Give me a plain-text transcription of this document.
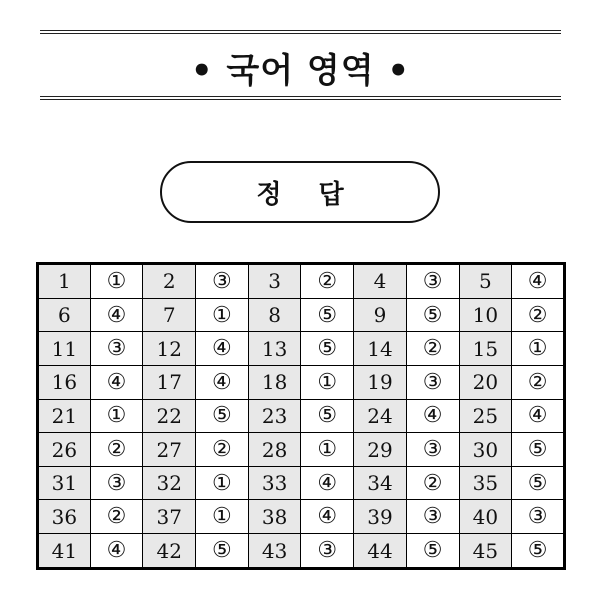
• 국어 영역 •
정 답
1	①	2	③	3	②	4	③	5	④
6	④	7	①	8	⑤	9	⑤	10	②
11	③	12	④	13	⑤	14	②	15	①
16	④	17	④	18	①	19	③	20	②
21	①	22	⑤	23	⑤	24	④	25	④
26	②	27	②	28	①	29	③	30	⑤
31	③	32	①	33	④	34	②	35	⑤
36	②	37	①	38	④	39	③	40	③
41	④	42	⑤	43	③	44	⑤	45	⑤
